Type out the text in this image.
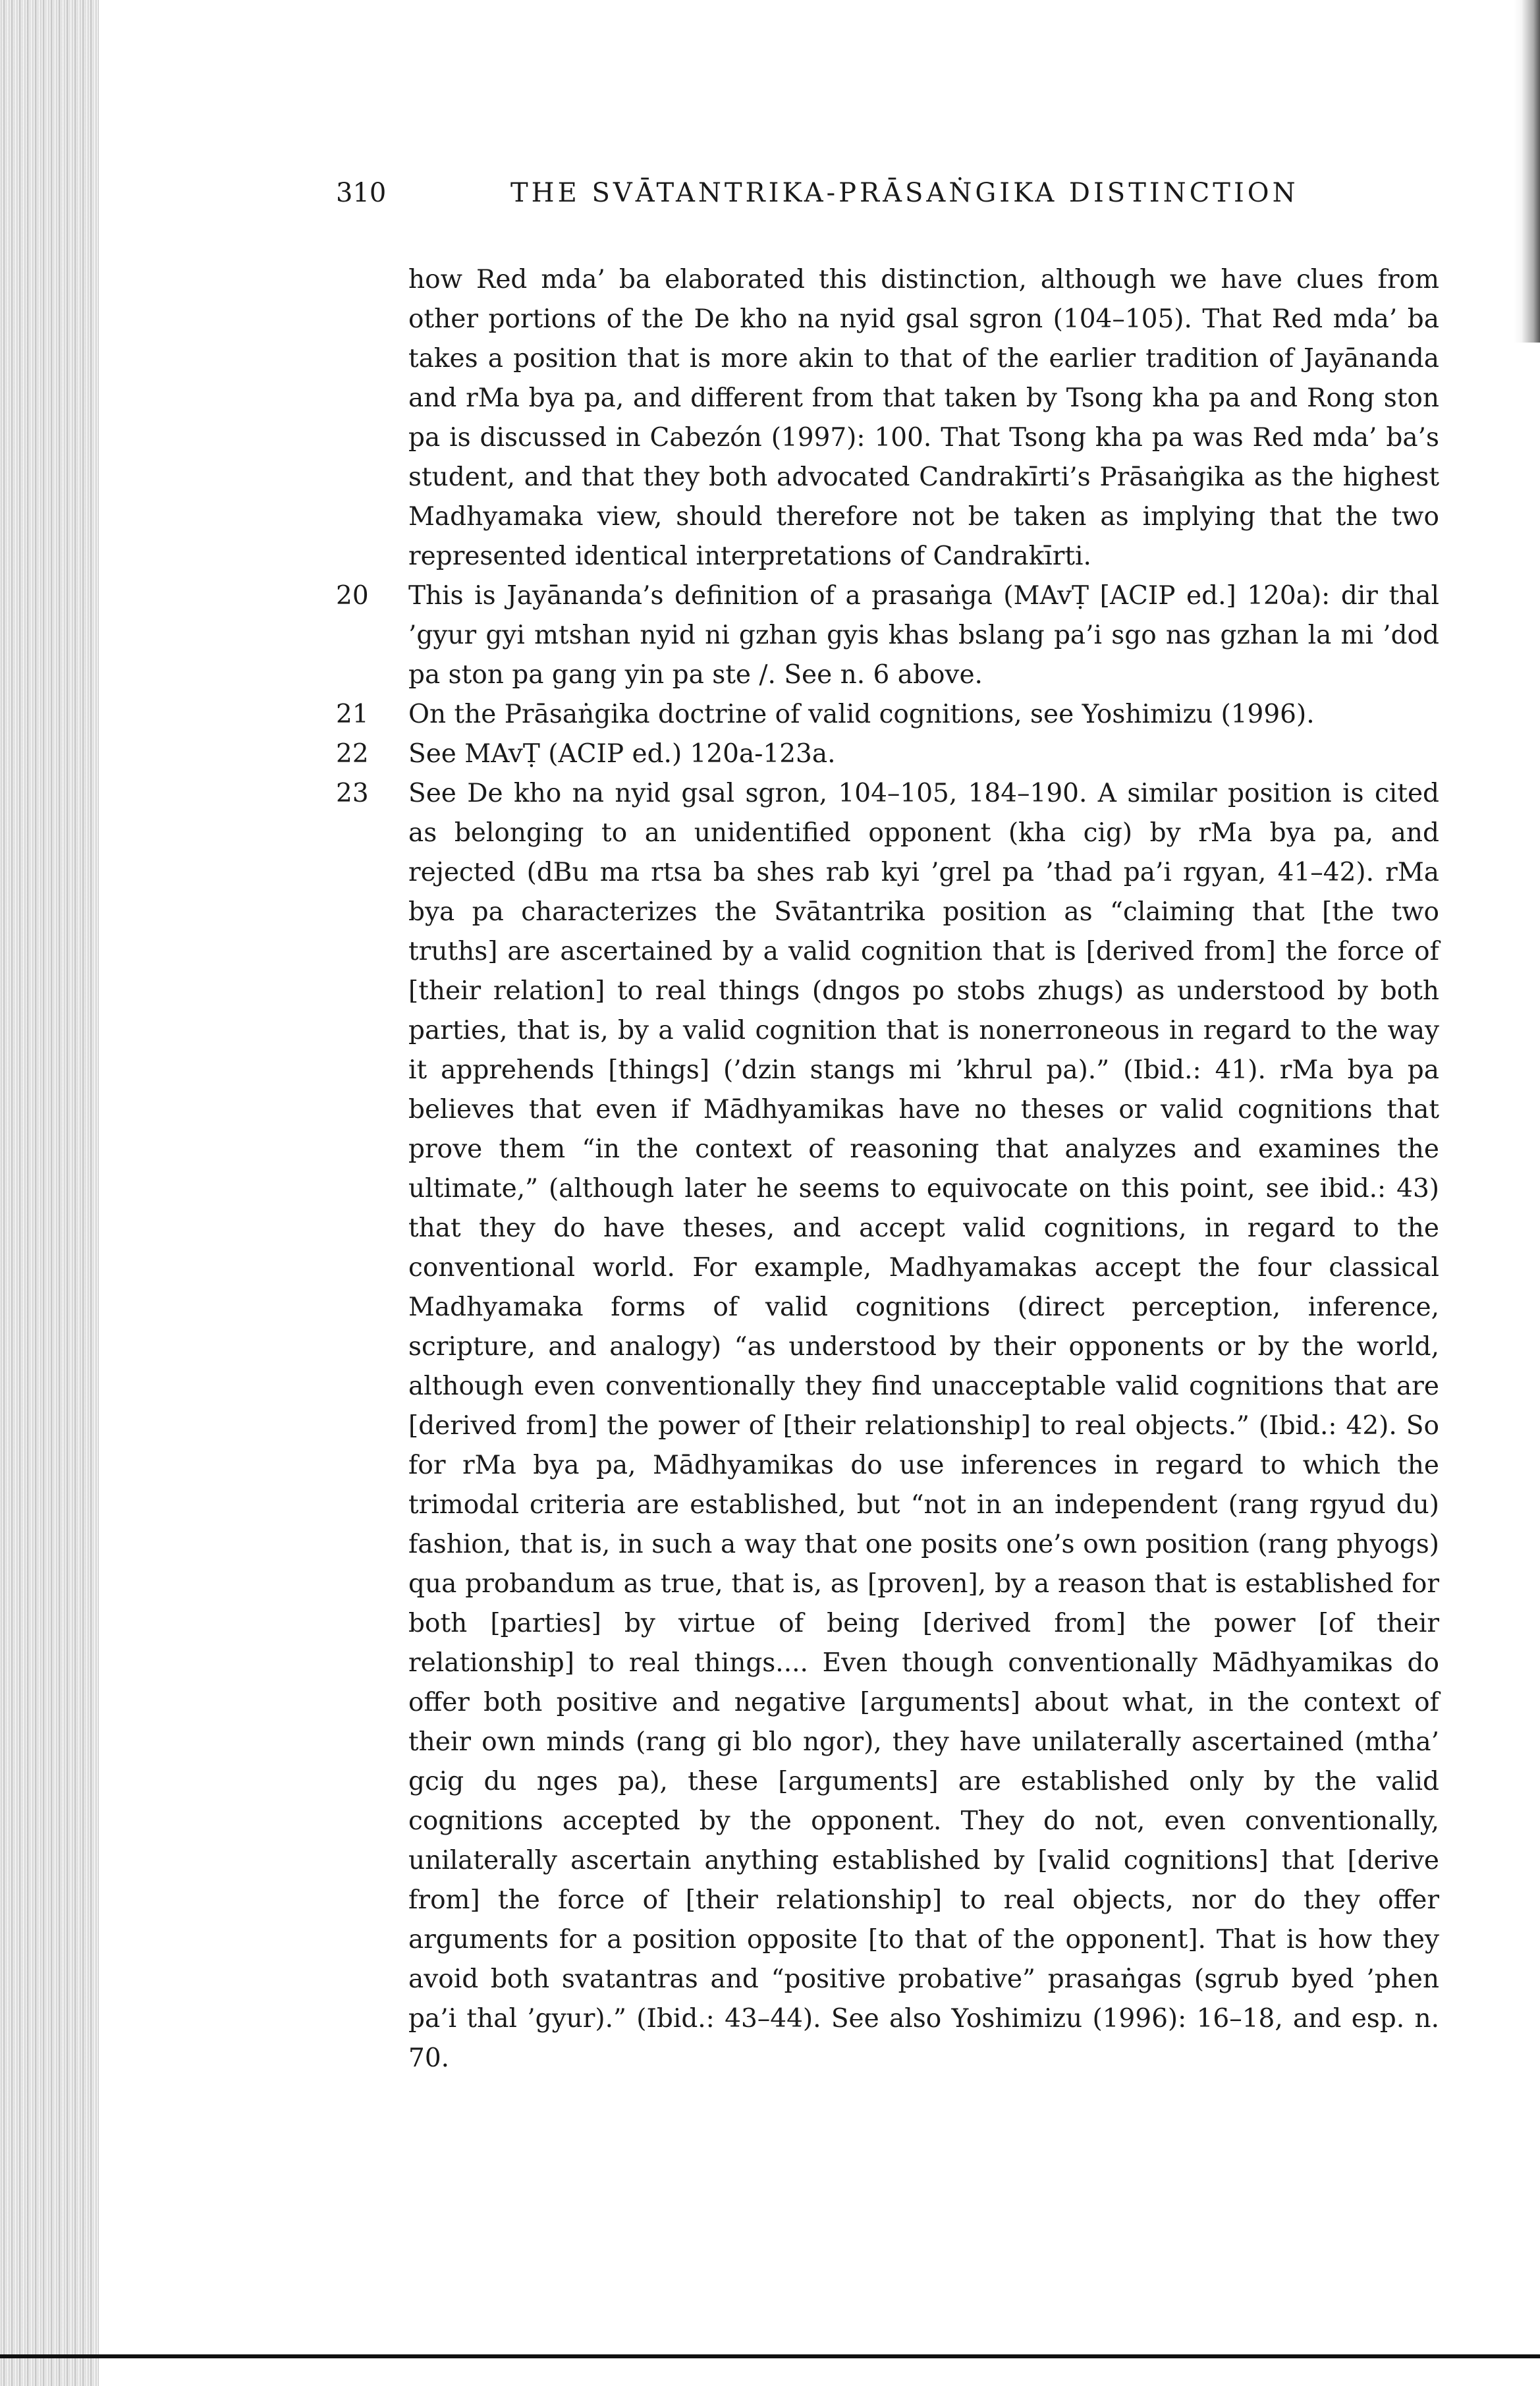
310	THE SVĀTANTRIKA-PRĀSAṄGIKA DISTINCTION

how Red mda’ ba elaborated this distinction, although we have clues from other portions of the De kho na nyid gsal sgron (104–105). That Red mda’ ba takes a position that is more akin to that of the earlier tradition of Jayānanda and rMa bya pa, and different from that taken by Tsong kha pa and Rong ston pa is discussed in Cabezón (1997): 100. That Tsong kha pa was Red mda’ ba’s student, and that they both advocated Candrakīrti’s Prāsaṅgika as the highest Madhyamaka view, should therefore not be taken as implying that the two represented identical interpretations of Candrakīrti.

20	This is Jayānanda’s definition of a prasaṅga (MAvṬ [ACIP ed.] 120a): dir thal ’gyur gyi mtshan nyid ni gzhan gyis khas bslang pa’i sgo nas gzhan la mi ’dod pa ston pa gang yin pa ste /. See n. 6 above.

21	On the Prāsaṅgika doctrine of valid cognitions, see Yoshimizu (1996).

22	See MAvṬ (ACIP ed.) 120a-123a.

23	See De kho na nyid gsal sgron, 104–105, 184–190. A similar position is cited as belonging to an unidentified opponent (kha cig) by rMa bya pa, and rejected (dBu ma rtsa ba shes rab kyi ’grel pa ’thad pa’i rgyan, 41–42). rMa bya pa characterizes the Svātantrika position as “claiming that [the two truths] are ascertained by a valid cognition that is [derived from] the force of [their relation] to real things (dngos po stobs zhugs) as understood by both parties, that is, by a valid cognition that is nonerroneous in regard to the way it apprehends [things] (’dzin stangs mi ’khrul pa).” (Ibid.: 41). rMa bya pa believes that even if Mādhyamikas have no theses or valid cognitions that prove them “in the context of reasoning that analyzes and examines the ultimate,” (although later he seems to equivocate on this point, see ibid.: 43) that they do have theses, and accept valid cognitions, in regard to the conventional world. For example, Madhyamakas accept the four classical Madhyamaka forms of valid cognitions (direct perception, inference, scripture, and analogy) “as understood by their opponents or by the world, although even conventionally they find unacceptable valid cognitions that are [derived from] the power of [their relationship] to real objects.” (Ibid.: 42). So for rMa bya pa, Mādhyamikas do use inferences in regard to which the trimodal criteria are established, but “not in an independent (rang rgyud du) fashion, that is, in such a way that one posits one’s own position (rang phyogs) qua probandum as true, that is, as [proven], by a reason that is established for both [parties] by virtue of being [derived from] the power [of their relationship] to real things.... Even though conventionally Mādhyamikas do offer both positive and negative [arguments] about what, in the context of their own minds (rang gi blo ngor), they have unilaterally ascertained (mtha’ gcig du nges pa), these [arguments] are established only by the valid cognitions accepted by the opponent. They do not, even conventionally, unilaterally ascertain anything established by [valid cognitions] that [derive from] the force of [their relationship] to real objects, nor do they offer arguments for a position opposite [to that of the opponent]. That is how they avoid both svatantras and “positive probative” prasaṅgas (sgrub byed ’phen pa’i thal ’gyur).” (Ibid.: 43–44). See also Yoshimizu (1996): 16–18, and esp. n. 70.
